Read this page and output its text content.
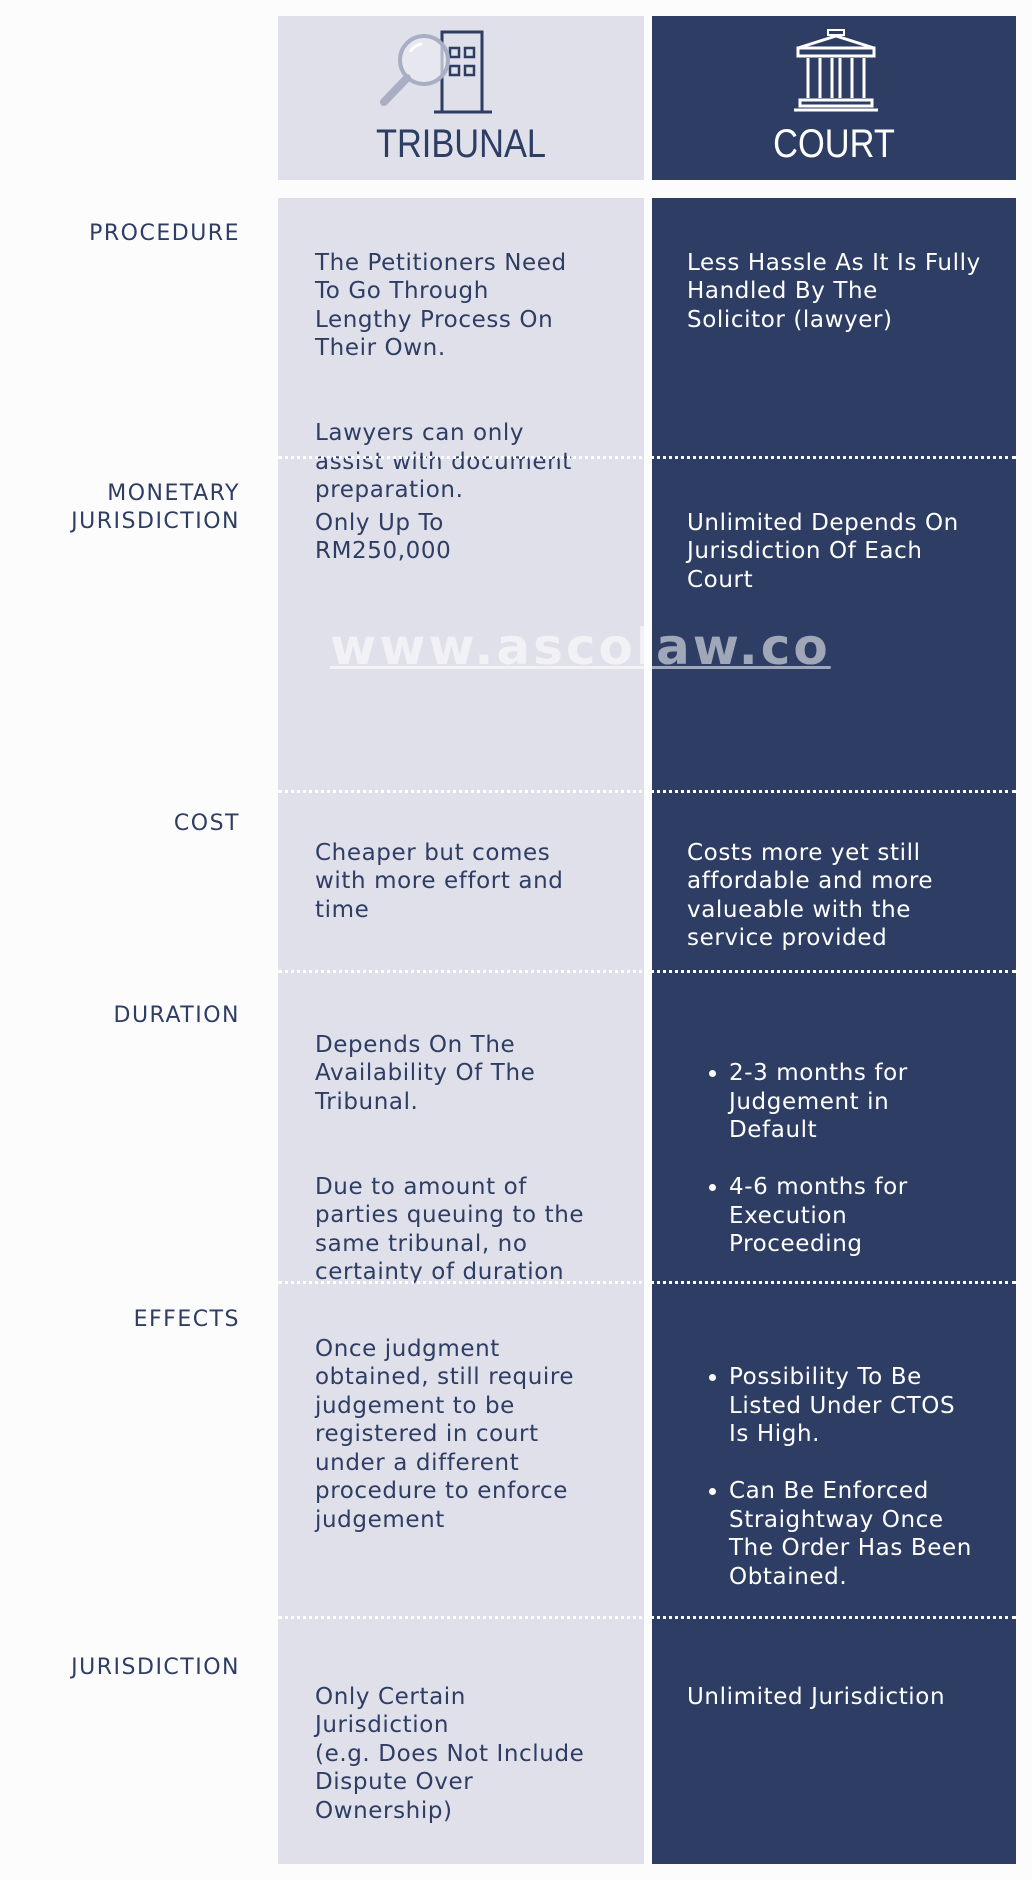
TRIBUNAL	COURT
PROCEDURE
MONETARY
JURISDICTION
COST
DURATION
EFFECTS
JURISDICTION

The Petitioners Need
To Go Through
Lengthy Process On
Their Own.

Lawyers can only
assist with document
preparation.

Less Hassle As It Is Fully
Handled By The
Solicitor (lawyer)

Only Up To
RM250,000

Unlimited Depends On
Jurisdiction Of Each
Court

www.ascolaw.co

Cheaper but comes
with more effort and
time

Costs more yet still
affordable and more
valueable with the
service provided

Depends On The
Availability Of The
Tribunal.

Due to amount of
parties queuing to the
same tribunal, no
certainty of duration

• 2-3 months for
Judgement in
Default

• 4-6 months for
Execution
Proceeding

Once judgment
obtained, still require
judgement to be
registered in court
under a different
procedure to enforce
judgement

• Possibility To Be
Listed Under CTOS
Is High.

• Can Be Enforced
Straightway Once
The Order Has Been
Obtained.

Only Certain
Jurisdiction
(e.g. Does Not Include
Dispute Over
Ownership)

Unlimited Jurisdiction
